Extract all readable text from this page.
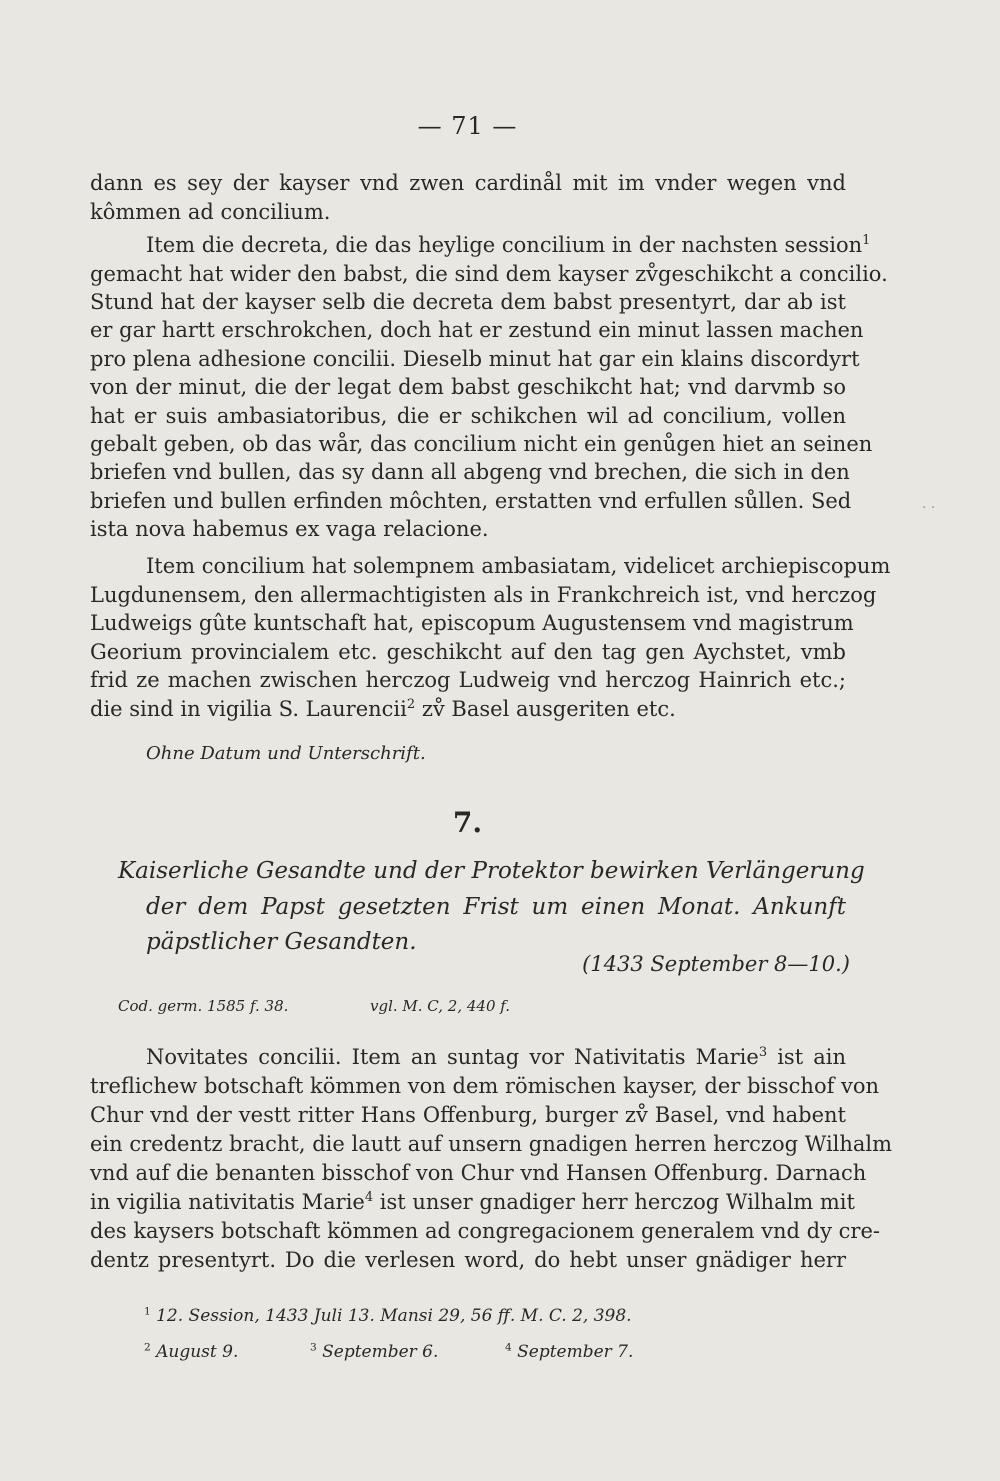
— 71 —
dann es sey der kayser vnd zwen cardinål mit im vnder wegen vnd
kômmen ad concilium.
Item die decreta, die das heylige concilium in der nachsten session$^1$
gemacht hat wider den babst, die sind dem kayser zv̊geschikcht a concilio.
Stund hat der kayser selb die decreta dem babst presentyrt, dar ab ist
er gar hartt erschrokchen, doch hat er zestund ein minut lassen machen
pro plena adhesione concilii. Dieselb minut hat gar ein klains discordyrt
von der minut, die der legat dem babst geschikcht hat; vnd darvmb so
hat er suis ambasiatoribus, die er schikchen wil ad concilium, vollen
gebalt geben, ob das wår, das concilium nicht ein genůgen hiet an seinen
briefen vnd bullen, das sy dann all abgeng vnd brechen, die sich in den
briefen und bullen erfinden môchten, erstatten vnd erfullen sůllen. Sed
ista nova habemus ex vaga relacione.
· ·
Item concilium hat solempnem ambasiatam, videlicet archiepiscopum
Lugdunensem, den allermachtigisten als in Frankchreich ist, vnd herczog
Ludweigs gûte kuntschaft hat, episcopum Augustensem vnd magistrum
Georium provincialem etc. geschikcht auf den tag gen Aychstet, vmb
frid ze machen zwischen herczog Ludweig vnd herczog Hainrich etc.;
die sind in vigilia S. Laurencii$^2$ zv̊ Basel ausgeriten etc.
Ohne Datum und Unterschrift.
7.
Kaiserliche Gesandte und der Protektor bewirken Verlängerung
der dem Papst gesetzten Frist um einen Monat. Ankunft
päpstlicher Gesandten.
(1433 September 8—10.)
Cod. germ. 1585 f. 38.	vgl. M. C, 2, 440 f.
Novitates concilii. Item an suntag vor Nativitatis Marie$^3$ ist ain
treflichew botschaft kömmen von dem römischen kayser, der bisschof von
Chur vnd der vestt ritter Hans Offenburg, burger zv̊ Basel, vnd habent
ein credentz bracht, die lautt auf unsern gnadigen herren herczog Wilhalm
vnd auf die benanten bisschof von Chur vnd Hansen Offenburg. Darnach
in vigilia nativitatis Marie$^4$ ist unser gnadiger herr herczog Wilhalm mit
des kaysers botschaft kömmen ad congregacionem generalem vnd dy cre-
dentz presentyrt. Do die verlesen word, do hebt unser gnädiger herr
$^1$ 12. Session, 1433 Juli 13. Mansi 29, 56 ff. M. C. 2, 398.
$^2$ August 9.	$^3$ September 6.	$^4$ September 7.
